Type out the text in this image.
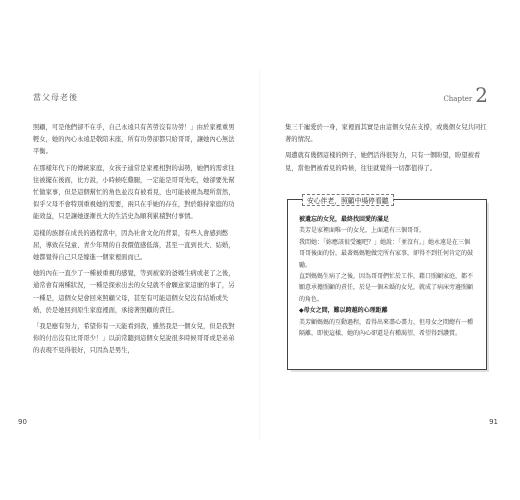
當父母老後	Chapter 2

照顧，可是他們卻不在乎，自己永遠只有苦勞沒有功勞！」由於家裡重男輕女，她的內心永遠是敬陪末座，所有功勞卻都只給哥哥，讓她內心無法平衡。

在那樣年代下的傳統家庭，女孩子通常是家裡相對的弱勢，她們的需求往往被擺在後面，比方說，小時候吃雞腿，一定能是哥哥先吃，她卻要先幫忙做家事，但是這個幫忙的角色並沒有被看見，也可能被視為理所當然，似乎父母不會特別重視她的需要，兩只在乎她的存在，對於維持家庭的功能效益，只是讓她逐漸長大的生活史為順利累積對付事情。

這樣的族群在成長的過程當中，因為社會文化的背景，有些人會感到憋屈，導致在兒童、青少年期的自我價值感低落，甚至一直到長大、結婚，她都覺得自己只是嫁進一個家裡面而已。

她的內在一直少了一種被重視的感覺，等到被家的爸媽生病或老了之後，通常會有兩種狀況，一種是探索出去的女兒就不會願意家這麼的事了，另一種是，這個女兒會回來照顧父母，甚至有可能這個女兒沒有結婚或失婚，於是她回到原生家庭裡面，承接著照顧的責任。

「我是應有努力，希望你有一天能看到我，雖然我是一個女兒，但是我對你的付出沒有比哥哥少！」以前常聽到這個女兒說很多時候哥哥或是弟弟的表現不見得很好，只因為是男生，

集三千寵愛於一身，家裡面其實是由這個女兒在支撐，或幾個女兒共同扛著的情況。

周遭就有幾個這樣的例子，她們活得很努力，只有一個盼望，盼望被看見，當他們被看見的時候，往往就覺得一切都值得了。

安心伴老，照顧中場停看聽

被遺忘的女兒，最終找回愛的滿足

美芳是家裡面唯一的女兒，上面還有三個哥哥。

我問她：「妳應該很受寵吧？」她說：「並沒有。」她永遠是在三個哥哥後面的份，最著媽媽牠做完所有家事，卻得不到任何肯定的鼓勵。

直到媽媽生病了之後，因為哥哥們忙於工作，藉口照顧家庭，都不願意承擔照顧的責任，於是一個未婚的女兒，就成了病床旁邊照顧的角色。

◆母女之間，難以跨越的心理距離

美芳顧媽媽的互動過程，看得出來盡心盡力，但母女之間總有一種隔離，即使這樣，她的內心卻還是有種渴望，希望得到讚賞。

90	91
